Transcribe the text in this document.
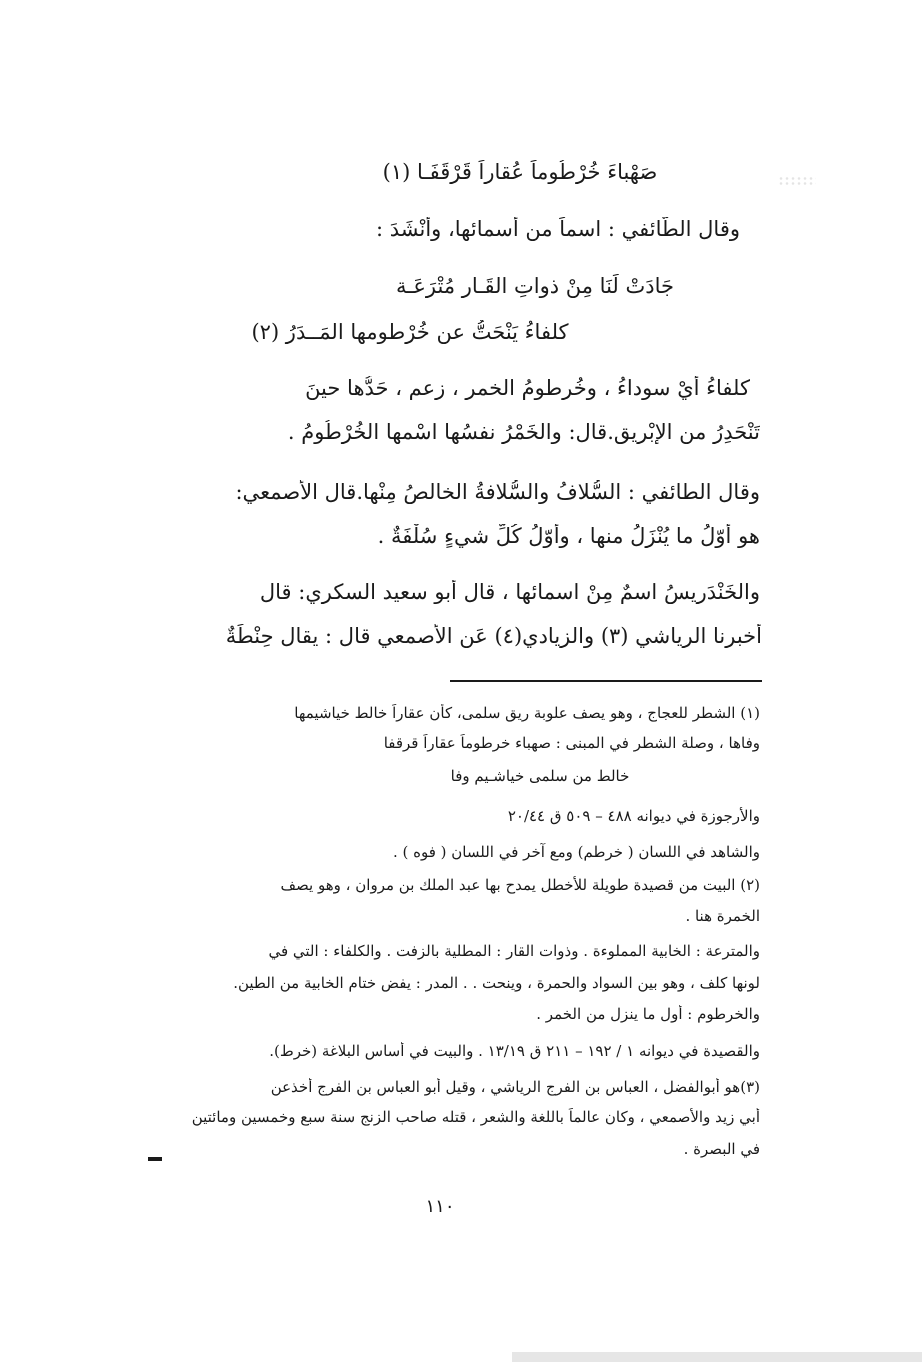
صَهْباءَ خُرْطُوماً عُقاراً قَرْقَفَـا (١)
وقال الطّائفي : اسماً من أسمائها، وأَنْشَدَ :
جَادَتْ لَنَا مِنْ ذواتِ القَـار مُتْرَعَـة
كلفاءُ يَنْحَتُّ عن خُرْطومها المَــدَرُ (٢)
كلفاءُ أيْ سوداءُ ، وخُرطومُ الخمرِ ، زعم ، حَدُّها حينَ
تَنْحَدِرُ من الإبْريق.قال: والخَمْرُ نفسُها اسْمها الخُرْطُومُ .
وقال الطائفي : السُّلافُ والسُّلافةُ الخالصُ مِنْها.قال الأصمعي:
هو أوّلُ ما يُنْزَلُ منها ، وأوّلُ كُلِّ شيءٍ سُلْفَةٌ .
والخَنْدَرِيسُ اسمٌ مِنْ اسمائها ، قال أبو سعيد السكري: قال
أخبرنا الرياشي (٣) والزيادي(٤) عَنِ الأصمعي قال : يقال حِنْطَةٌ
(١) الشطر للعجاج ، وهو يصف علوبة ريق سلمى، كأن عقاراً خالط خياشيمها
وفاها ، وصلة الشطر في المبنى : صهباء خرطوماً عقاراً قرقفا
خالط من سلمى خياشـيم وفا
والأرجوزة في ديوانه ٤٨٨ – ٥٠٩ ق ٢٠/٤٤
والشاهد في اللسان ( خرطم) ومع آخر في اللسان ( فوه ) .
(٢) البيت من قصيدة طويلة للأخطل يمدح بها عبد الملك بن مروان ، وهو يصف
الخمرة هنا .
والمترعة : الخابية المملوءة . وذوات القار : المطلية بالزفت . والكلفاء : التي في
لونها كلف ، وهو بين السواد والحمرة ، وينحت . . المدر : يفض ختام الخابية من الطين.
والخرطوم : أول ما ينزل من الخمر .
والقصيدة في ديوانه ١ / ١٩٢ – ٢١١ ق ١٣/١٩ . والبيت في أساس البلاغة (خرط).
(٣)هو أبوالفضل ، العباس بن الفرج الرياشي ، وقيل أبو العباس بن الفرج أخذعن
أبي زيد والأصمعي ، وكان عالماً باللغة والشعر ، قتله صاحب الزنج سنة سبع وخمسين ومائتين
في البصرة .
١١٠
